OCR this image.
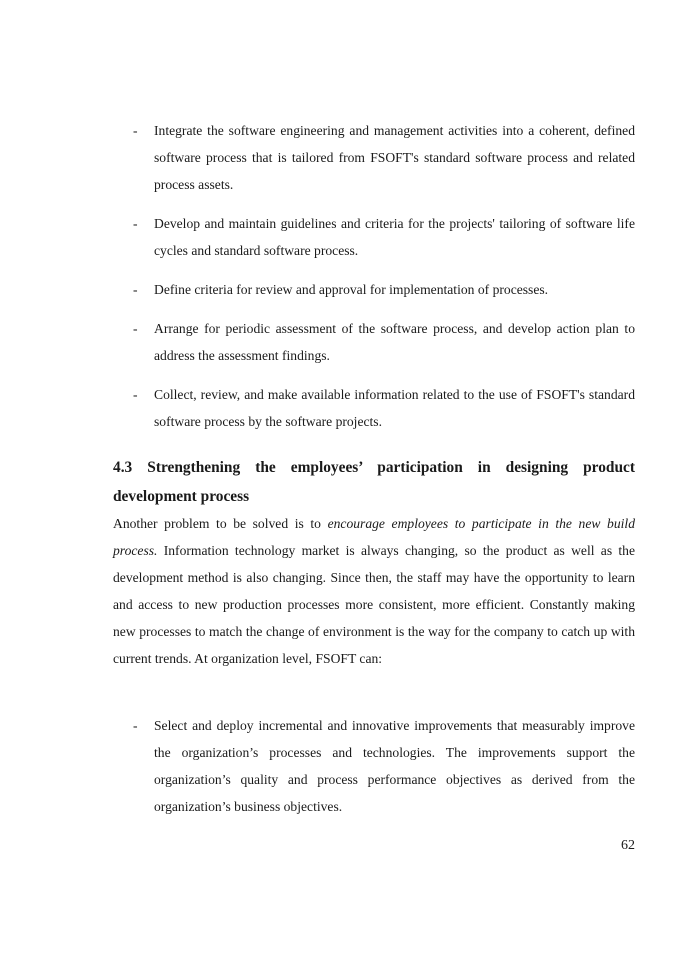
- Integrate the software engineering and management activities into a coherent, defined software process that is tailored from FSOFT's standard software process and related process assets.
- Develop and maintain guidelines and criteria for the projects' tailoring of software life cycles and standard software process.
- Define criteria for review and approval for implementation of processes.
- Arrange for periodic assessment of the software process, and develop action plan to address the assessment findings.
- Collect, review, and make available information related to the use of FSOFT's standard software process by the software projects.
4.3 Strengthening the employees’ participation in designing product development process

Another problem to be solved is to encourage employees to participate in the new build process. Information technology market is always changing, so the product as well as the development method is also changing. Since then, the staff may have the opportunity to learn and access to new production processes more consistent, more efficient. Constantly making new processes to match the change of environment is the way for the company to catch up with current trends. At organization level, FSOFT can:

- Select and deploy incremental and innovative improvements that measurably improve the organization’s processes and technologies. The improvements support the organization’s quality and process performance objectives as derived from the organization’s business objectives.
62
